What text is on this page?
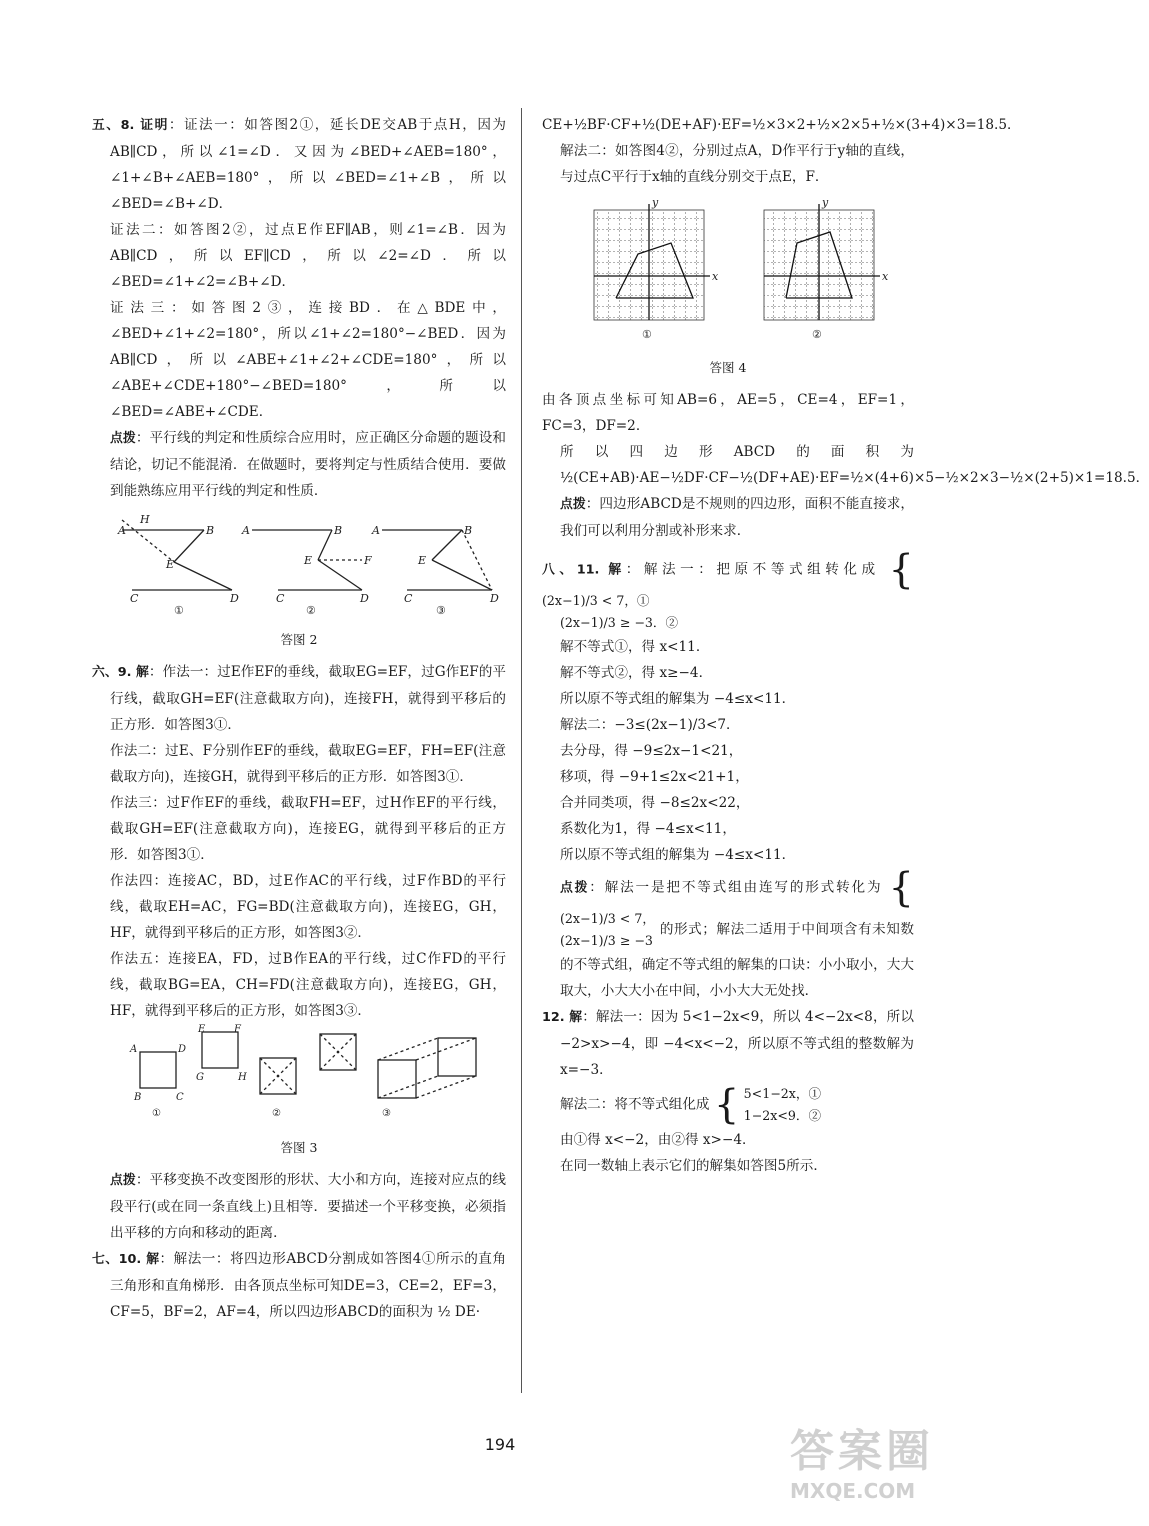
五、8. 证明：证法一：如答图2①，延长DE交AB于点H，因为AB∥CD，所以∠1=∠D．又因为∠BED+∠AEB=180°，∠1+∠B+∠AEB=180°，所以∠BED=∠1+∠B，所以∠BED=∠B+∠D．

证法二：如答图2②，过点E作EF∥AB，则∠1=∠B．因为AB∥CD，所以EF∥CD，所以∠2=∠D．所以∠BED=∠1+∠2=∠B+∠D．

证法三：如答图2③，连接BD．在△BDE中，∠BED+∠1+∠2=180°，所以∠1+∠2=180°−∠BED．因为AB∥CD，所以∠ABE+∠1+∠2+∠CDE=180°，所以∠ABE+∠CDE+180°−∠BED=180°，所以∠BED=∠ABE+∠CDE．

点拨：平行线的判定和性质综合应用时，应正确区分命题的题设和结论，切记不能混淆．在做题时，要将判定与性质结合使用．要做到能熟练应用平行线的判定和性质．

A
H
B
E
C	D
A	B
E	F
C	D
A	B
E
C	D
①	②	③
答图 2

六、9. 解：作法一：过E作EF的垂线，截取EG=EF，过G作EF的平行线，截取GH=EF(注意截取方向)，连接FH，就得到平移后的正方形．如答图3①．

作法二：过E、F分别作EF的垂线，截取EG=EF，FH=EF(注意截取方向)，连接GH，就得到平移后的正方形．如答图3①．

作法三：过F作EF的垂线，截取FH=EF，过H作EF的平行线，截取GH=EF(注意截取方向)，连接EG，就得到平移后的正方形．如答图3①．

作法四：连接AC，BD，过E作AC的平行线，过F作BD的平行线，截取EH=AC，FG=BD(注意截取方向)，连接EG，GH，HF，就得到平移后的正方形，如答图3②．

作法五：连接EA，FD，过B作EA的平行线，过C作FD的平行线，截取BG=EA，CH=FD(注意截取方向)，连接EG，GH，HF，就得到平移后的正方形，如答图3③．

A	D
B	C
E	F
G	H
③
①	②
答图 3

点拨：平移变换不改变图形的形状、大小和方向，连接对应点的线段平行(或在同一条直线上)且相等．要描述一个平移变换，必须指出平移的方向和移动的距离．

七、10. 解：解法一：将四边形ABCD分割成如答图4①所示的直角三角形和直角梯形．由各顶点坐标可知DE=3，CE=2，EF=3，CF=5，BF=2，AF=4，所以四边形ABCD的面积为 ½ DE·

CE+½BF·CF+½(DE+AF)·EF=½×3×2+½×2×5+½×(3+4)×3=18.5．

解法二：如答图4②，分别过点A，D作平行于y轴的直线，与过点C平行于x轴的直线分别交于点E，F．

①	②
x	x
y	y
答图 4

由各顶点坐标可知AB=6，AE=5，CE=4，EF=1，FC=3，DF=2．

所以四边形ABCD的面积为½(CE+AB)·AE−½DF·CF−½(DF+AE)·EF=½×(4+6)×5−½×2×3−½×(2+5)×1=18.5．

点拨：四边形ABCD是不规则的四边形，面积不能直接求，我们可以利用分割或补形来求．

八、11. 解：解法一：把原不等式组转化成 { (2x−1)/3 < 7，①
(2x−1)/3 ≥ −3．②

解不等式①，得 x<11．

解不等式②，得 x≥−4．

所以原不等式组的解集为 −4≤x<11．

解法二：−3≤(2x−1)/3<7．

去分母，得 −9≤2x−1<21，

移项，得 −9+1≤2x<21+1，

合并同类项，得 −8≤2x<22，

系数化为1，得 −4≤x<11，

所以原不等式组的解集为 −4≤x<11．

点拨：解法一是把不等式组由连写的形式转化为 { (2x−1)/3 < 7，
(2x−1)/3 ≥ −3 的形式；解法二适用于中间项含有未知数的不等式组，确定不等式组的解集的口诀：小小取小，大大取大，小大大小在中间，小小大大无处找．

12. 解：解法一：因为 5<1−2x<9，所以 4<−2x<8，所以 −2>x>−4，即 −4<x<−2，所以原不等式组的整数解为 x=−3．

解法二：将不等式组化成 { 5<1−2x，①
1−2x<9．②

由①得 x<−2，由②得 x>−4．

在同一数轴上表示它们的解集如答图5所示．

194	答案圈
MXQE.COM
